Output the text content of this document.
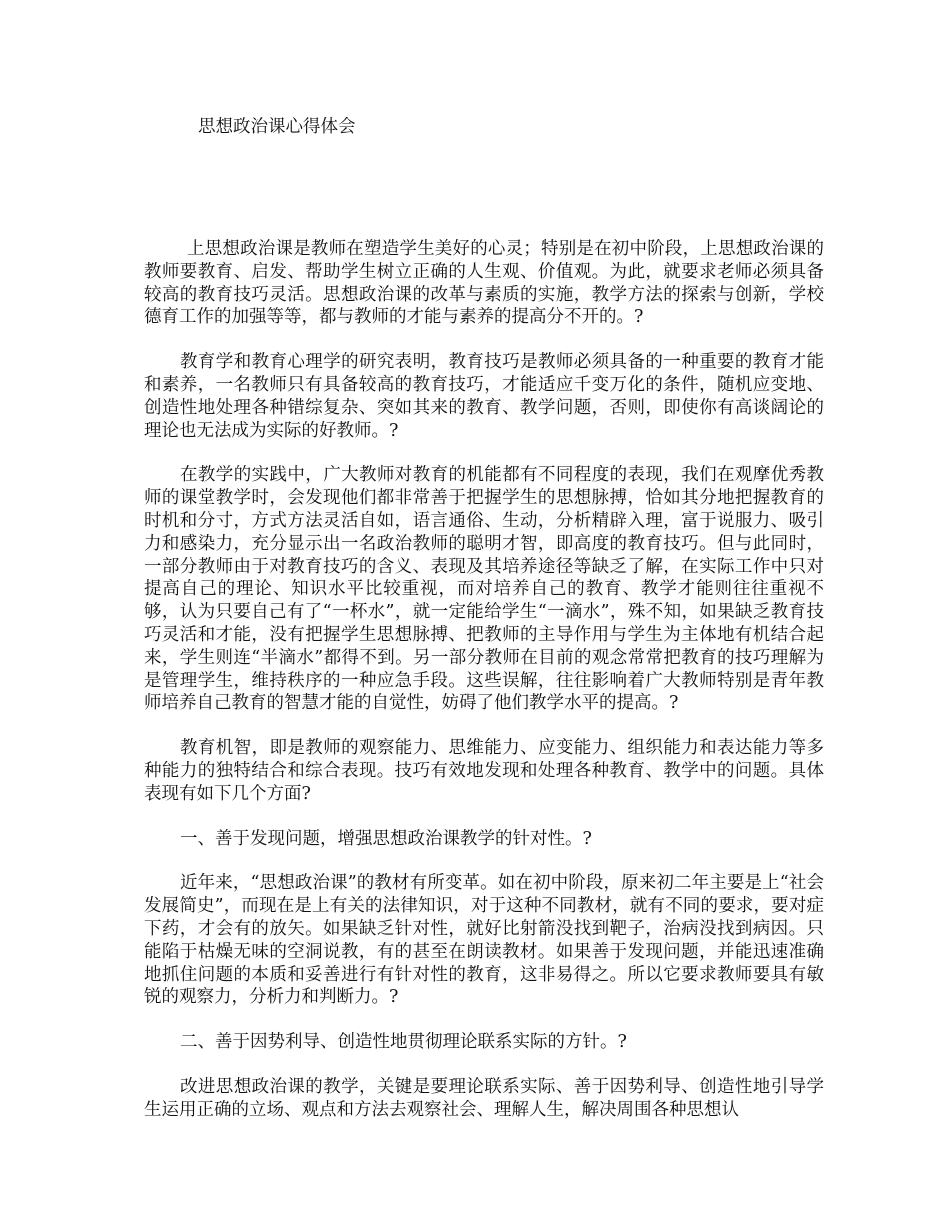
思想政治课心得体会

上思想政治课是教师在塑造学生美好的心灵；特别是在初中阶段，上思想政治课的教师要教育、启发、帮助学生树立正确的人生观、价值观。为此，就要求老师必须具备较高的教育技巧灵活。思想政治课的改革与素质的实施，教学方法的探索与创新，学校德育工作的加强等等，都与教师的才能与素养的提高分不开的。?

教育学和教育心理学的研究表明，教育技巧是教师必须具备的一种重要的教育才能和素养，一名教师只有具备较高的教育技巧，才能适应千变万化的条件，随机应变地、创造性地处理各种错综复杂、突如其来的教育、教学问题，否则，即使你有高谈阔论的理论也无法成为实际的好教师。?

在教学的实践中，广大教师对教育的机能都有不同程度的表现，我们在观摩优秀教师的课堂教学时，会发现他们都非常善于把握学生的思想脉搏，恰如其分地把握教育的时机和分寸，方式方法灵活自如，语言通俗、生动，分析精辟入理，富于说服力、吸引力和感染力，充分显示出一名政治教师的聪明才智，即高度的教育技巧。但与此同时，一部分教师由于对教育技巧的含义、表现及其培养途径等缺乏了解，在实际工作中只对提高自己的理论、知识水平比较重视，而对培养自己的教育、教学才能则往往重视不够，认为只要自己有了“一杯水”，就一定能给学生“一滴水”，殊不知，如果缺乏教育技巧灵活和才能，没有把握学生思想脉搏、把教师的主导作用与学生为主体地有机结合起来，学生则连“半滴水”都得不到。另一部分教师在目前的观念常常把教育的技巧理解为是管理学生，维持秩序的一种应急手段。这些误解，往往影响着广大教师特别是青年教师培养自己教育的智慧才能的自觉性，妨碍了他们教学水平的提高。?

教育机智，即是教师的观察能力、思维能力、应变能力、组织能力和表达能力等多种能力的独特结合和综合表现。技巧有效地发现和处理各种教育、教学中的问题。具体表现有如下几个方面?

一、善于发现问题，增强思想政治课教学的针对性。?

近年来，“思想政治课”的教材有所变革。如在初中阶段，原来初二年主要是上“社会发展简史”，而现在是上有关的法律知识，对于这种不同教材，就有不同的要求，要对症下药，才会有的放矢。如果缺乏针对性，就好比射箭没找到靶子，治病没找到病因。只能陷于枯燥无味的空洞说教，有的甚至在朗读教材。如果善于发现问题，并能迅速准确地抓住问题的本质和妥善进行有针对性的教育，这非易得之。所以它要求教师要具有敏锐的观察力，分析力和判断力。?

二、善于因势利导、创造性地贯彻理论联系实际的方针。?

改进思想政治课的教学，关键是要理论联系实际、善于因势利导、创造性地引导学生运用正确的立场、观点和方法去观察社会、理解人生，解决周围各种思想认
